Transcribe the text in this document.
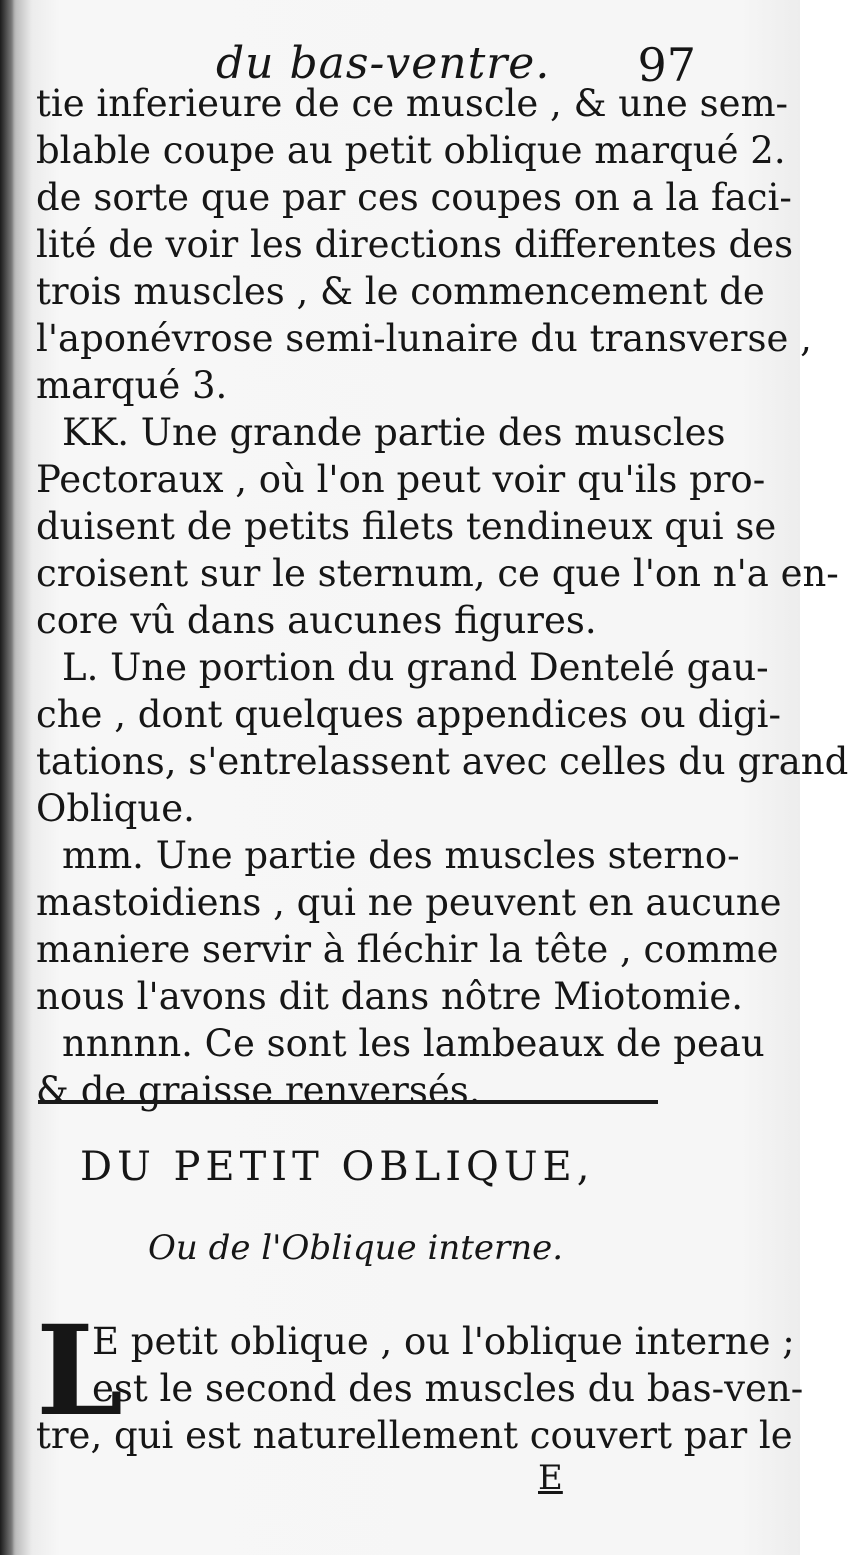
du bas-ventre. 97
tie inferieure de ce muscle , & une sem-
blable coupe au petit oblique marqué 2.
de sorte que par ces coupes on a la faci-
lité de voir les directions differentes des
trois muscles , & le commencement de
l'aponévrose semi-lunaire du transverse ,
marqué 3.
KK. Une grande partie des muscles
Pectoraux , où l'on peut voir qu'ils pro-
duisent de petits filets tendineux qui se
croisent sur le sternum, ce que l'on n'a en-
core vû dans aucunes figures.
L. Une portion du grand Dentelé gau-
che , dont quelques appendices ou digi-
tations, s'entrelassent avec celles du grand
Oblique.
mm. Une partie des muscles sterno-
mastoidiens , qui ne peuvent en aucune
maniere servir à fléchir la tête , comme
nous l'avons dit dans nôtre Miotomie.
nnnnn. Ce sont les lambeaux de peau
& de graisse renversés.
DU PETIT OBLIQUE,
Ou de l'Oblique interne.
L
E petit oblique , ou l'oblique interne ;
est le second des muscles du bas-ven-
tre, qui est naturellement couvert par le
E
